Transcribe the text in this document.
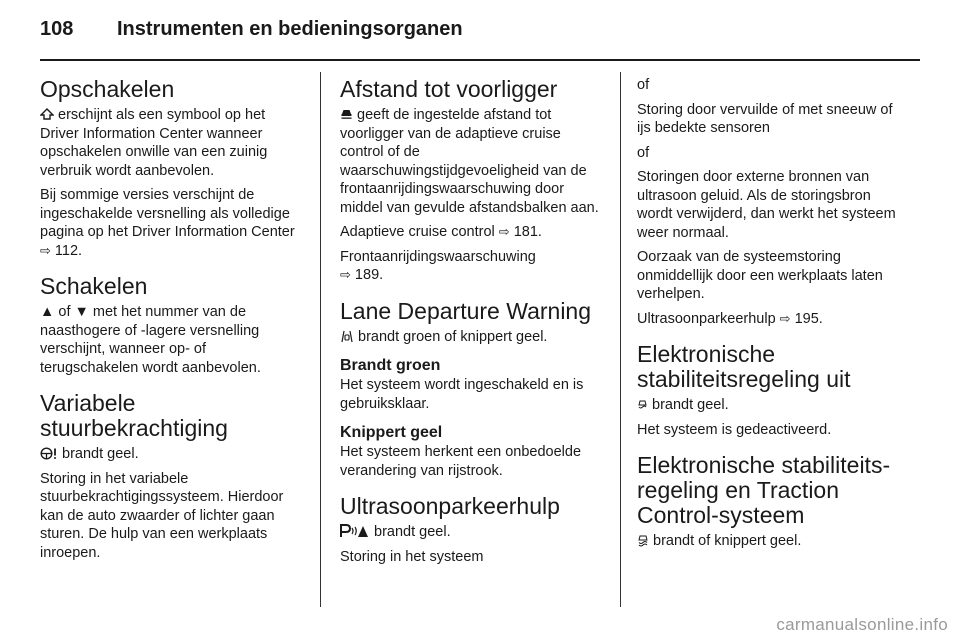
108 Instrumenten en bedieningsorganen
Opschakelen

erschijnt als een symbool op het Driver Information Center wanneer opschakelen onwille van een zuinig verbruik wordt aanbevolen.

Bij sommige versies verschijnt de ingeschakelde versnelling als volledige pagina op het Driver Information Center ⇨ 112.

Schakelen

▲ of ▼ met het nummer van de naasthogere of -lagere versnelling verschijnt, wanneer op- of terugschakelen wordt aanbevolen.

Variabele
stuurbekrachtiging

brandt geel.

Storing in het variabele stuurbekrachtigingssysteem. Hierdoor kan de auto zwaarder of lichter gaan sturen. De hulp van een werkplaats inroepen.

Afstand tot voorligger

geeft de ingestelde afstand tot voorligger van de adaptieve cruise control of de waarschuwingstijdgevoeligheid van de frontaanrijdingswaarschuwing door middel van gevulde afstandsbalken aan.

Adaptieve cruise control ⇨ 181.

Frontaanrijdingswaarschuwing
⇨ 189.

Lane Departure Warning

brandt groen of knippert geel.

Brandt groen

Het systeem wordt ingeschakeld en is gebruiksklaar.

Knippert geel

Het systeem herkent een onbedoelde verandering van rijstrook.

Ultrasoonparkeerhulp

brandt geel.

Storing in het systeem

of

Storing door vervuilde of met sneeuw of ijs bedekte sensoren

of

Storingen door externe bronnen van ultrasoon geluid. Als de storingsbron wordt verwijderd, dan werkt het systeem weer normaal.

Oorzaak van de systeemstoring onmiddellijk door een werkplaats laten verhelpen.

Ultrasoonparkeerhulp ⇨ 195.

Elektronische
stabiliteitsregeling uit

brandt geel.

Het systeem is gedeactiveerd.

Elektronische stabiliteits-
regeling en Traction
Control-systeem

brandt of knippert geel.

carmanualsonline.info
